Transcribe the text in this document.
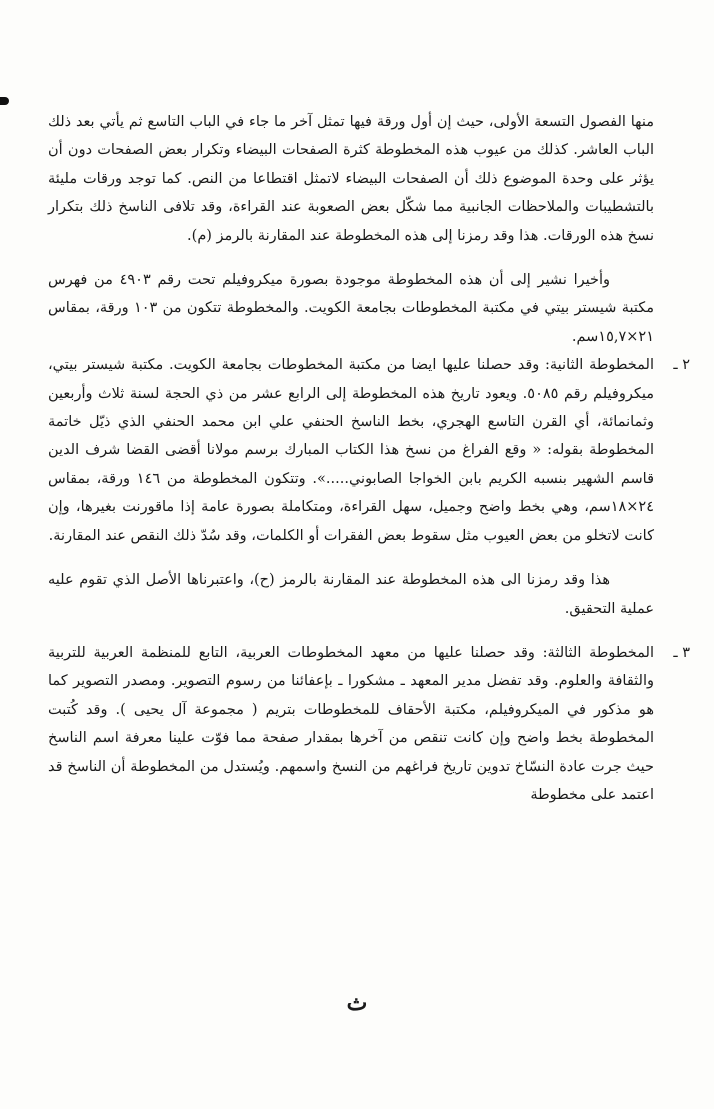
منها الفصول التسعة الأولى، حيث إن أول ورقة فيها تمثل آخر ما جاء في الباب التاسع ثم يأتي بعد ذلك الباب العاشر. كذلك من عيوب هذه المخطوطة كثرة الصفحات البيضاء وتكرار بعض الصفحات دون أن يؤثر على وحدة الموضوع ذلك أن الصفحات البيضاء لاتمثل اقتطاعا من النص. كما توجد ورقات مليئة بالتشطيبات والملاحظات الجانبية مما شكّل بعض الصعوبة عند القراءة، وقد تلافى الناسخ ذلك بتكرار نسخ هذه الورقات. هذا وقد رمزنا إلى هذه المخطوطة عند المقارنة بالرمز (م).

وأخيرا نشير إلى أن هذه المخطوطة موجودة بصورة ميكروفيلم تحت رقم ٤٩٠٣ من فهرس مكتبة شيستر بيتي في مكتبة المخطوطات بجامعة الكويت. والمخطوطة تتكون من ١٠٣ ورقة، بمقاس ٢١×١٥,٧سم.

٢ ـ

المخطوطة الثانية: وقد حصلنا عليها ايضا من مكتبة المخطوطات بجامعة الكويت. مكتبة شيستر بيتي، ميكروفيلم رقم ٥٠٨٥. ويعود تاريخ هذه المخطوطة إلى الرابع عشر من ذي الحجة لسنة ثلاث وأربعين وثمانمائة، أي القرن التاسع الهجري، بخط الناسخ الحنفي علي ابن محمد الحنفي الذي ذيّل خاتمة المخطوطة بقوله: « وقع الفراغ من نسخ هذا الكتاب المبارك برسم مولانا أقضى القضا شرف الدين قاسم الشهير بنسبه الكريم بابن الخواجا الصابوني.....». وتتكون المخطوطة من ١٤٦ ورقة، بمقاس ٢٤×١٨سم، وهي بخط واضح وجميل، سهل القراءة، ومتكاملة بصورة عامة إذا ماقورنت بغيرها، وإن كانت لاتخلو من بعض العيوب مثل سقوط بعض الفقرات أو الكلمات، وقد سُدّ ذلك النقص عند المقارنة.

هذا وقد رمزنا الى هذه المخطوطة عند المقارنة بالرمز (ح)، واعتبرناها الأصل الذي تقوم عليه عملية التحقيق.

٣ ـ

المخطوطة الثالثة: وقد حصلنا عليها من معهد المخطوطات العربية، التابع للمنظمة العربية للتربية والثقافة والعلوم. وقد تفضل مدير المعهد ـ مشكورا ـ بإعفائنا من رسوم التصوير. ومصدر التصوير كما هو مذكور في الميكروفيلم، مكتبة الأحقاف للمخطوطات بتريم ( مجموعة آل يحيى ). وقد كُتبت المخطوطة بخط واضح وإن كانت تنقص من آخرها بمقدار صفحة مما فوّت علينا معرفة اسم الناسخ حيث جرت عادة النسّاخ تدوين تاريخ فراغهم من النسخ واسمهم. ويُستدل من المخطوطة أن الناسخ قد اعتمد على مخطوطة

ث
